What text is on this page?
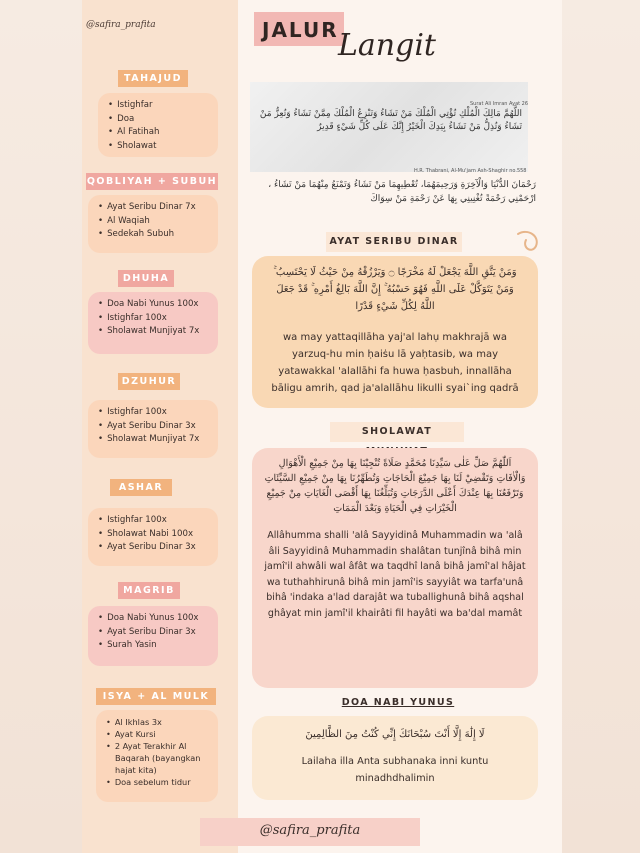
@safira_prafita	JALUR Langit
TAHAJUD
• Istighfar
• Doa
• Al Fatihah
• Sholawat
QOBLIYAH + SUBUH
• Ayat Seribu Dinar 7x
• Al Waqiah
• Sedekah Subuh
DHUHA
• Doa Nabi Yunus 100x
• Istighfar 100x
• Sholawat Munjiyat 7x
DZUHUR
• Istighfar 100x
• Ayat Seribu Dinar 3x
• Sholawat Munjiyat 7x
ASHAR
• Istighfar 100x
• Sholawat Nabi 100x
• Ayat Seribu Dinar 3x
MAGRIB
• Doa Nabi Yunus 100x
• Ayat Seribu Dinar 3x
• Surah Yasin
ISYA + AL MULK
• Al Ikhlas 3x
• Ayat Kursi
• 2 Ayat Terakhir Al Baqarah (bayangkan hajat kita)
• Doa sebelum tidur
Surat Ali Imran Ayat 26
اللَّهُمَّ مَالِكَ الْمُلْكِ تُؤْتِي الْمُلْكَ مَنْ تَشَاءُ وَتَنْزِعُ الْمُلْكَ مِمَّنْ تَشَاءُ وَتُعِزُّ مَنْ تَشَاءُ وَتُذِلُّ مَنْ تَشَاءُ بِيَدِكَ الْخَيْرُ إِنَّكَ عَلَى كُلِّ شَيْءٍ قَدِيرٌ
H.R. Thabrani, Al-Mu'jam Ash-Shaghir no.558
رَحْمَانَ الدُّنْيَا وَالْآخِرَةِ وَرَحِيمَهُمَا، تُعْطِيهِمَا مَنْ تَشَاءُ وَتَمْنَعُ مِنْهُمَا مَنْ تَشَاءُ ، ارْحَمْنِي رَحْمَةً تُغْنِينِي بِهَا عَنْ رَحْمَةِ مَنْ سِوَاكَ
AYAT SERIBU DINAR
وَمَنْ يَتَّقِ اللَّهَ يَجْعَلْ لَهُ مَخْرَجًا ۝ وَيَرْزُقْهُ مِنْ حَيْثُ لَا يَحْتَسِبُ ۚ وَمَنْ يَتَوَكَّلْ عَلَى اللَّهِ فَهُوَ حَسْبُهُ ۚ إِنَّ اللَّهَ بَالِغُ أَمْرِهِ ۚ قَدْ جَعَلَ اللَّهُ لِكُلِّ شَيْءٍ قَدْرًا
wa may yattaqillāha yaj'al lahụ makhrajā wa yarzuq-hu min ḥaiṡu lā yaḥtasib, wa may yatawakkal 'alallāhi fa huwa ḥasbuh, innallāha bāligu amrih, qad ja'alallāhu likulli syai`ing qadrā
SHOLAWAT
اَللّٰهُمَّ صَلِّ عَلٰى سَيِّدِنَا مُحَمَّدٍ صَلَاةً تُنْجِيْنَا بِهَا مِنْ جَمِيْعِ الْأَهْوَالِ وَالْاٰفَاتِ وَتَقْضِيْ لَنَا بِهَا جَمِيْعَ الْحَاجَاتِ وَتُطَهِّرُنَا بِهَا مِنْ جَمِيْعِ السَّيِّئَاتِ وَتَرْفَعُنَا بِهَا عِنْدَكَ أَعْلَى الدَّرَجَاتِ وَتُبَلِّغُنَا بِهَا أَقْصَى الْغَايَاتِ مِنْ جَمِيْعِ الْخَيْرَاتِ فِي الْحَيَاةِ وَبَعْدَ الْمَمَاتِ
Allâhumma shalli 'alâ Sayyidinâ Muhammadin wa 'alâ âli Sayyidinâ Muhammadin shalâtan tunjînâ bihâ min jamî'il ahwâli wal âfât wa taqdhî lanâ bihâ jamî'al hâjat wa tuthahhirunâ bihâ min jamî'is sayyiât wa tarfa'unâ bihâ 'indaka a'lad darajât wa tuballighunâ bihâ aqshal ghâyat min jamî'il khairâti fil hayâti wa ba'dal mamât
DOA NABI YUNUS
لَا إِلَٰهَ إِلَّا أَنْتَ سُبْحَانَكَ إِنِّي كُنْتُ مِنَ الظَّالِمِينَ
Lailaha illa Anta subhanaka inni kuntu minadhdhalimin
@safira_prafita
